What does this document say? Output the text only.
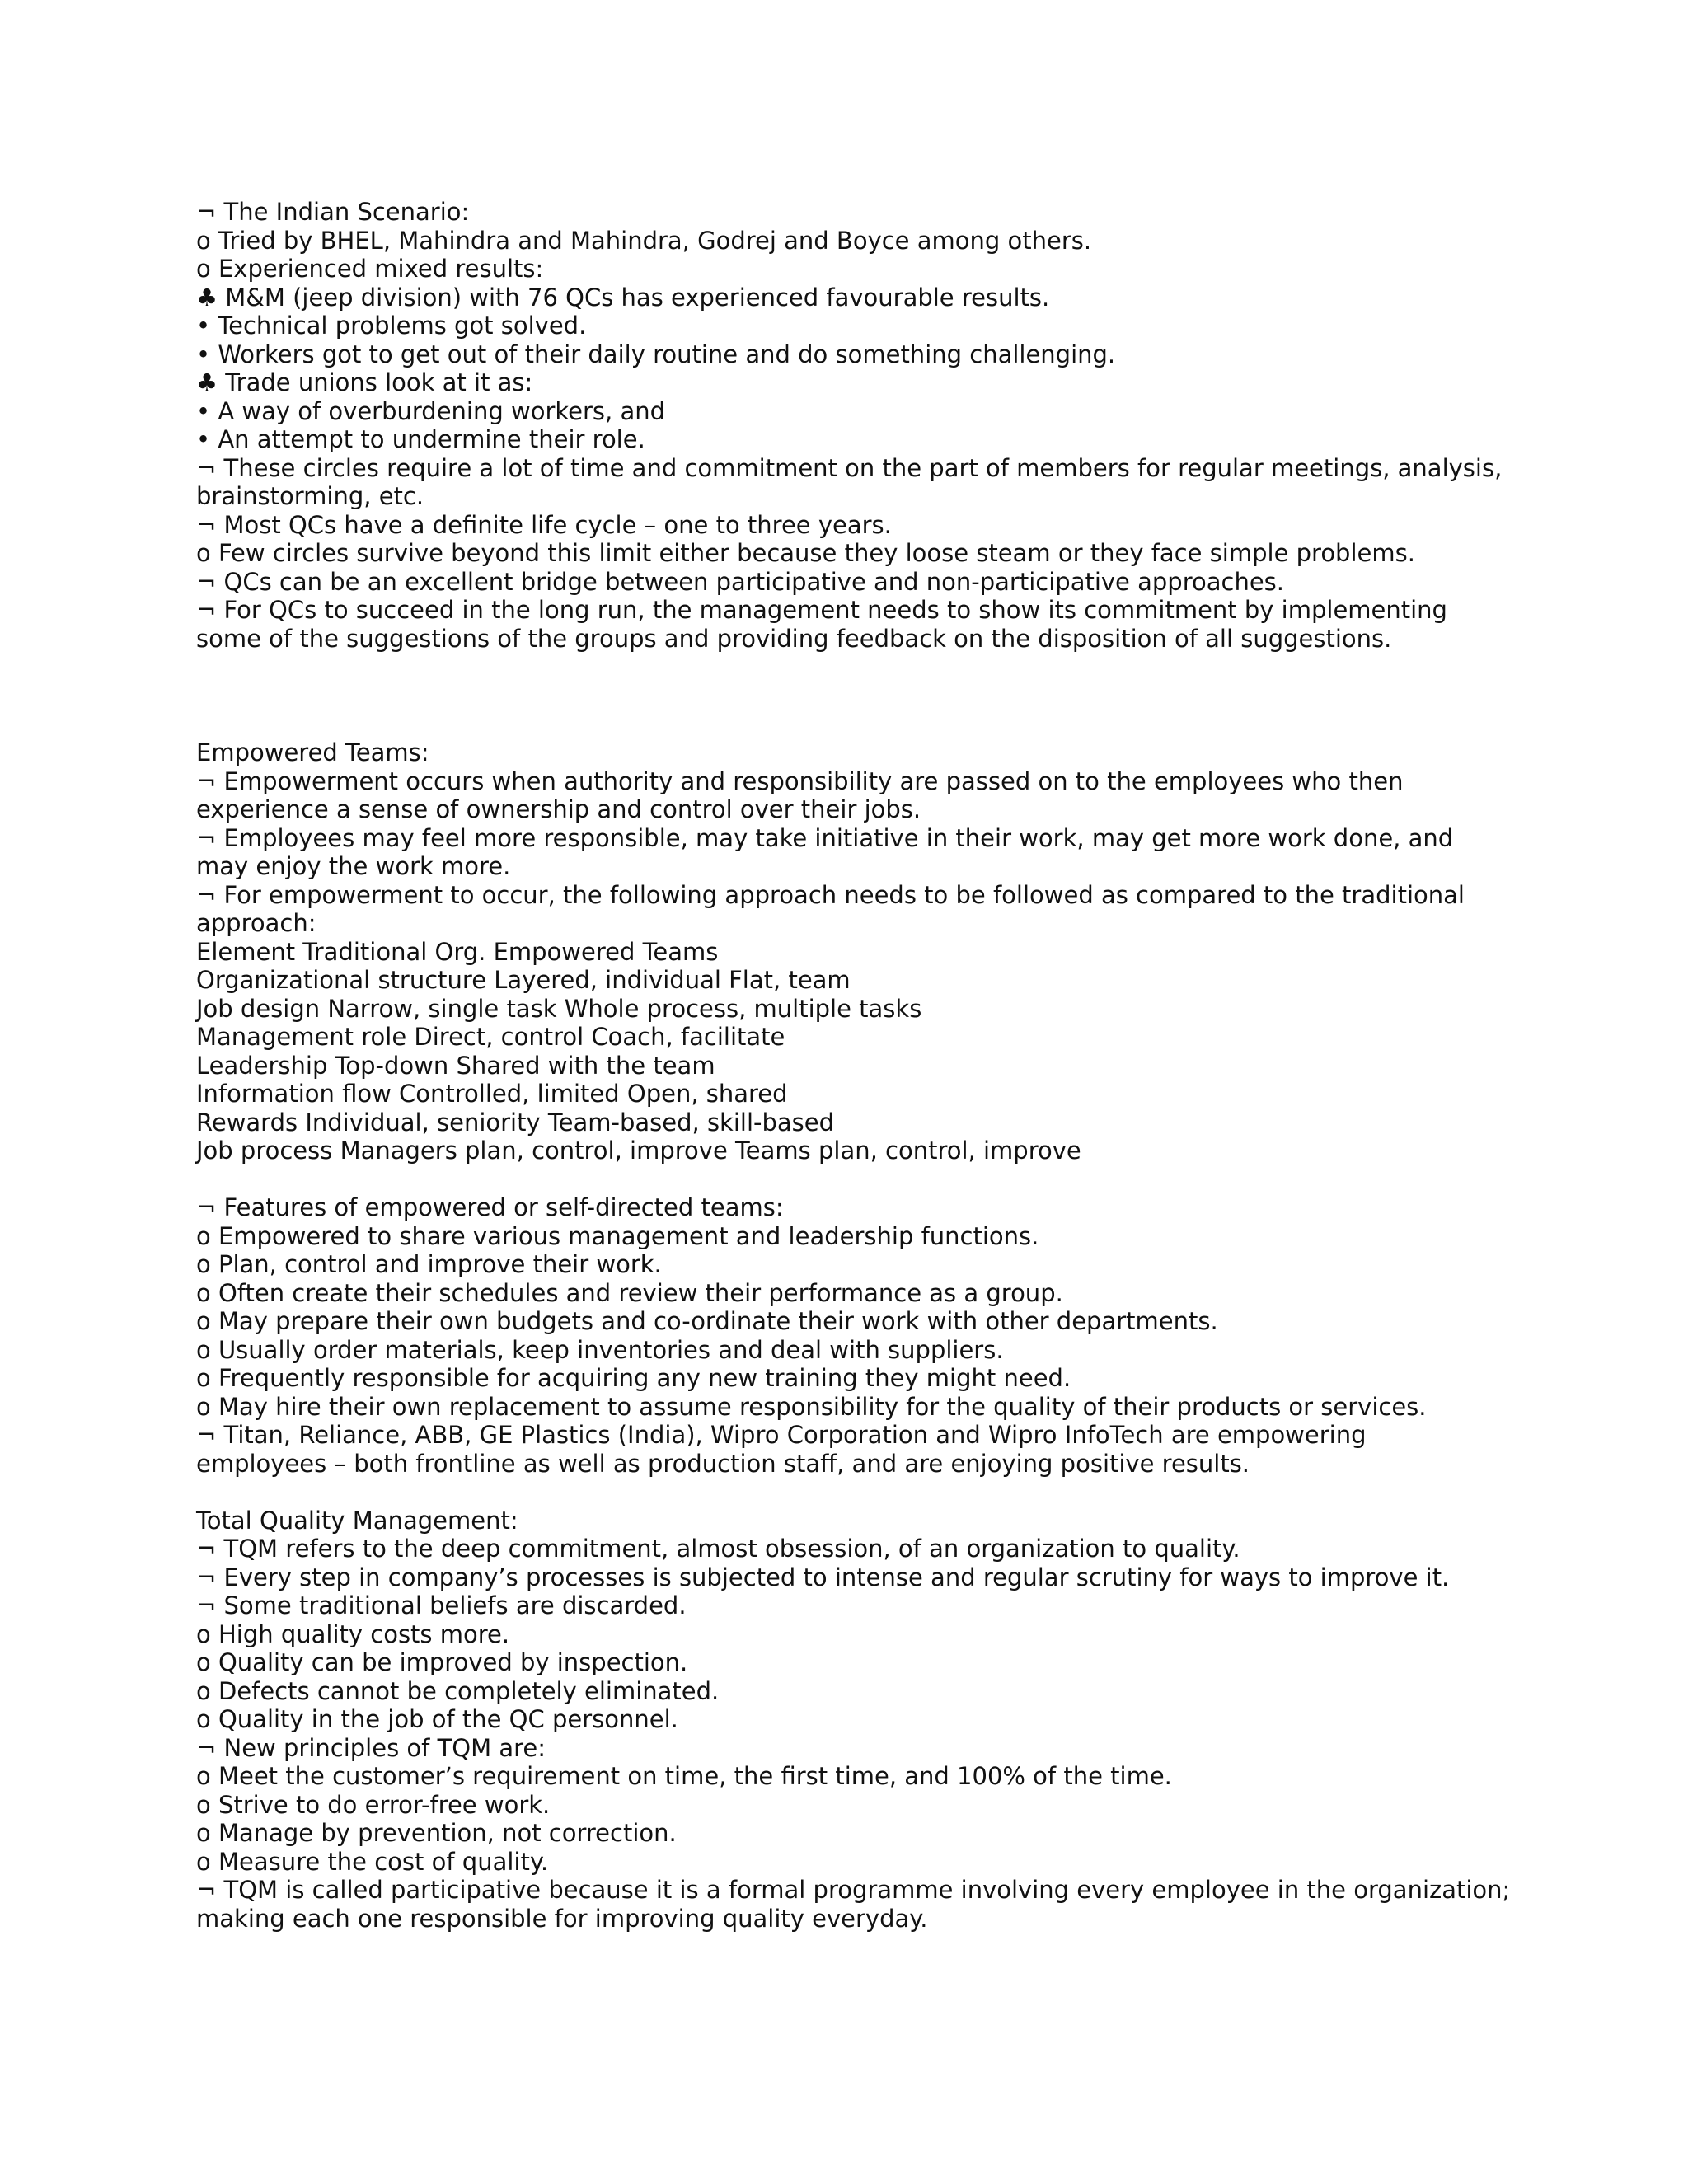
¬ The Indian Scenario:
o Tried by BHEL, Mahindra and Mahindra, Godrej and Boyce among others.
o Experienced mixed results:
♣ M&M (jeep division) with 76 QCs has experienced favourable results.
• Technical problems got solved.
• Workers got to get out of their daily routine and do something challenging.
♣ Trade unions look at it as:
• A way of overburdening workers, and
• An attempt to undermine their role.
¬ These circles require a lot of time and commitment on the part of members for regular meetings, analysis,
brainstorming, etc.
¬ Most QCs have a definite life cycle – one to three years.
o Few circles survive beyond this limit either because they loose steam or they face simple problems.
¬ QCs can be an excellent bridge between participative and non-participative approaches.
¬ For QCs to succeed in the long run, the management needs to show its commitment by implementing
some of the suggestions of the groups and providing feedback on the disposition of all suggestions.
Empowered Teams:
¬ Empowerment occurs when authority and responsibility are passed on to the employees who then
experience a sense of ownership and control over their jobs.
¬ Employees may feel more responsible, may take initiative in their work, may get more work done, and
may enjoy the work more.
¬ For empowerment to occur, the following approach needs to be followed as compared to the traditional
approach:
Element Traditional Org. Empowered Teams
Organizational structure Layered, individual Flat, team
Job design Narrow, single task Whole process, multiple tasks
Management role Direct, control Coach, facilitate
Leadership Top-down Shared with the team
Information flow Controlled, limited Open, shared
Rewards Individual, seniority Team-based, skill-based
Job process Managers plan, control, improve Teams plan, control, improve
¬ Features of empowered or self-directed teams:
o Empowered to share various management and leadership functions.
o Plan, control and improve their work.
o Often create their schedules and review their performance as a group.
o May prepare their own budgets and co-ordinate their work with other departments.
o Usually order materials, keep inventories and deal with suppliers.
o Frequently responsible for acquiring any new training they might need.
o May hire their own replacement to assume responsibility for the quality of their products or services.
¬ Titan, Reliance, ABB, GE Plastics (India), Wipro Corporation and Wipro InfoTech are empowering
employees – both frontline as well as production staff, and are enjoying positive results.
Total Quality Management:
¬ TQM refers to the deep commitment, almost obsession, of an organization to quality.
¬ Every step in company’s processes is subjected to intense and regular scrutiny for ways to improve it.
¬ Some traditional beliefs are discarded.
o High quality costs more.
o Quality can be improved by inspection.
o Defects cannot be completely eliminated.
o Quality in the job of the QC personnel.
¬ New principles of TQM are:
o Meet the customer’s requirement on time, the first time, and 100% of the time.
o Strive to do error-free work.
o Manage by prevention, not correction.
o Measure the cost of quality.
¬ TQM is called participative because it is a formal programme involving every employee in the organization;
making each one responsible for improving quality everyday.
